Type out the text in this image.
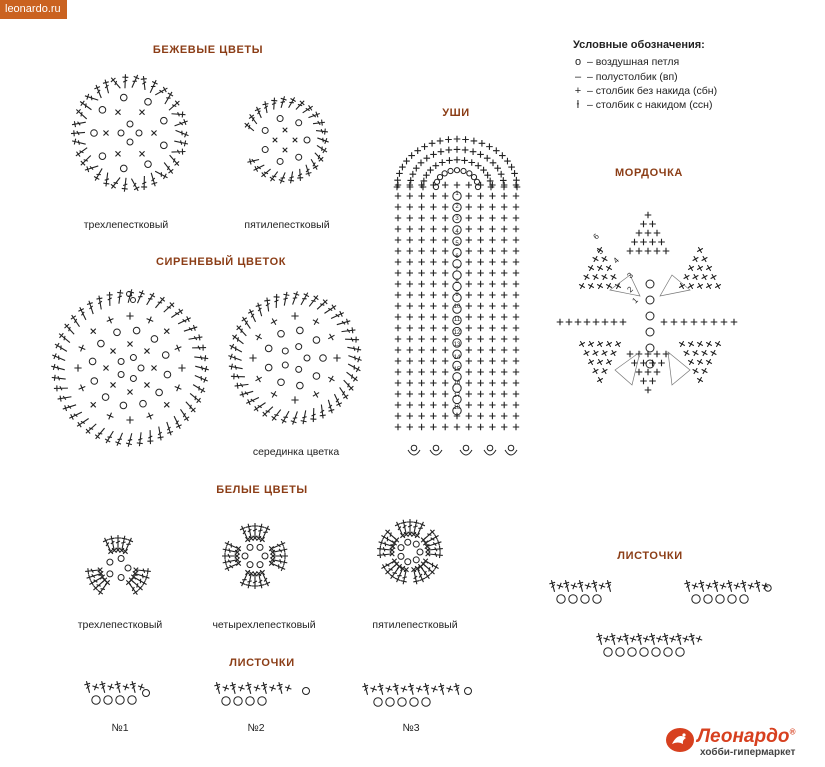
leonardo.ru
Условные обозначения:
o – воздушная петля
– – полустолбик (вп)
+ – столбик без накида (сбн)
ƚ – столбик с накидом (ссн)
БЕЖЕВЫЕ ЦВЕТЫ
трехлепестковый	пятилепестковый
СИРЕНЕВЫЙ ЦВЕТОК
серединка цветка
УШИ
МОРДОЧКА
БЕЛЫЕ ЦВЕТЫ
трехлепестковый	четырехлепестковый	пятилепестковый
ЛИСТОЧКИ
№1	№2	№3
ЛИСТОЧКИ
1
2
3
4
5
6
7
8
9
10
11
12
13
14
15
16
17
18
1
2
3
4
5
6
Леонардо®
хобби-гипермаркет
